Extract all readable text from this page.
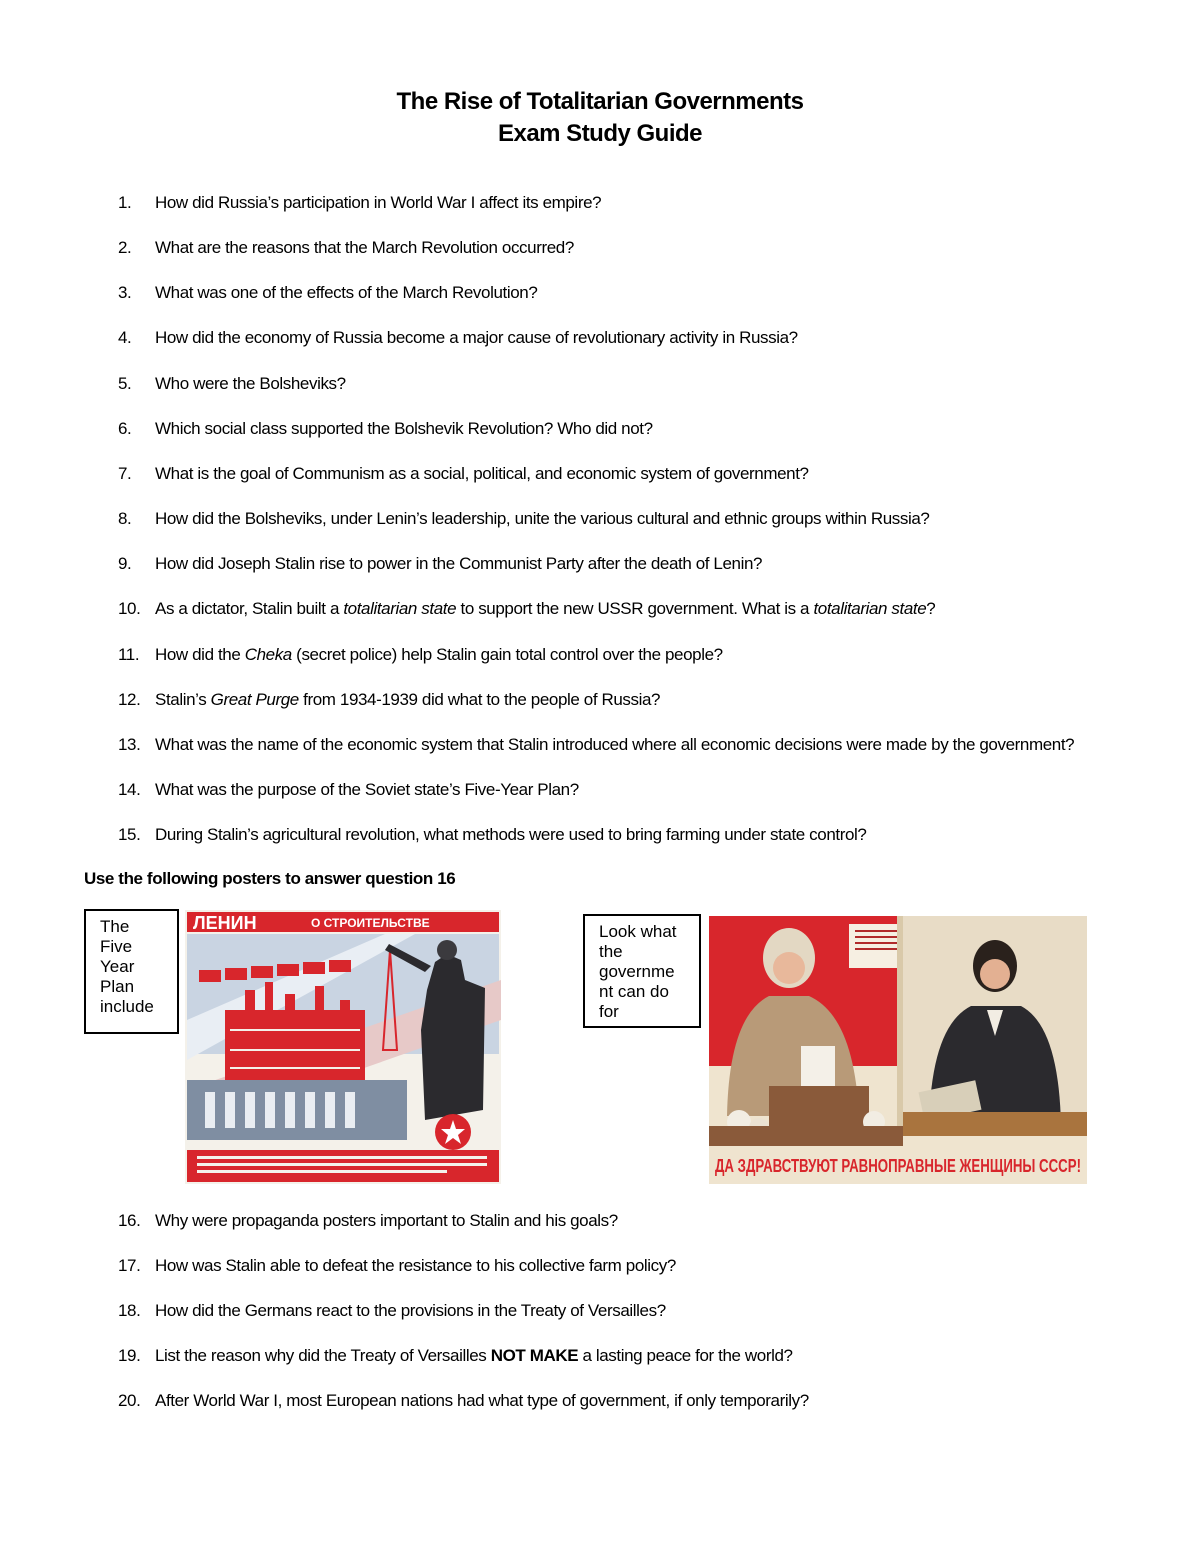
The Rise of Totalitarian Governments
Exam Study Guide
1. How did Russia’s participation in World War I affect its empire?
2. What are the reasons that the March Revolution occurred?
3. What was one of the effects of the March Revolution?
4. How did the economy of Russia become a major cause of revolutionary activity in Russia?
5. Who were the Bolsheviks?
6. Which social class supported the Bolshevik Revolution? Who did not?
7. What is the goal of Communism as a social, political, and economic system of government?
8. How did the Bolsheviks, under Lenin’s leadership, unite the various cultural and ethnic groups within Russia?
9. How did Joseph Stalin rise to power in the Communist Party after the death of Lenin?
10. As a dictator, Stalin built a totalitarian state to support the new USSR government. What is a totalitarian state?
11. How did the Cheka (secret police) help Stalin gain total control over the people?
12. Stalin’s Great Purge from 1934-1939 did what to the people of Russia?
13. What was the name of the economic system that Stalin introduced where all economic decisions were made by the government?
14. What was the purpose of the Soviet state’s Five-Year Plan?
15. During Stalin’s agricultural revolution, what methods were used to bring farming under state control?
Use the following posters to answer question 16
The
Five
Year
Plan
include
ЛЕНИН	О СТРОИТЕЛЬСТВЕ	Look what
the
governme
nt can do
for
ДА ЗДРАВСТВУЮТ РАВНОПРАВНЫЕ ЖЕНЩИНЫ СССР!
16. Why were propaganda posters important to Stalin and his goals?
17. How was Stalin able to defeat the resistance to his collective farm policy?
18. How did the Germans react to the provisions in the Treaty of Versailles?
19. List the reason why did the Treaty of Versailles NOT MAKE a lasting peace for the world?
20. After World War I, most European nations had what type of government, if only temporarily?
